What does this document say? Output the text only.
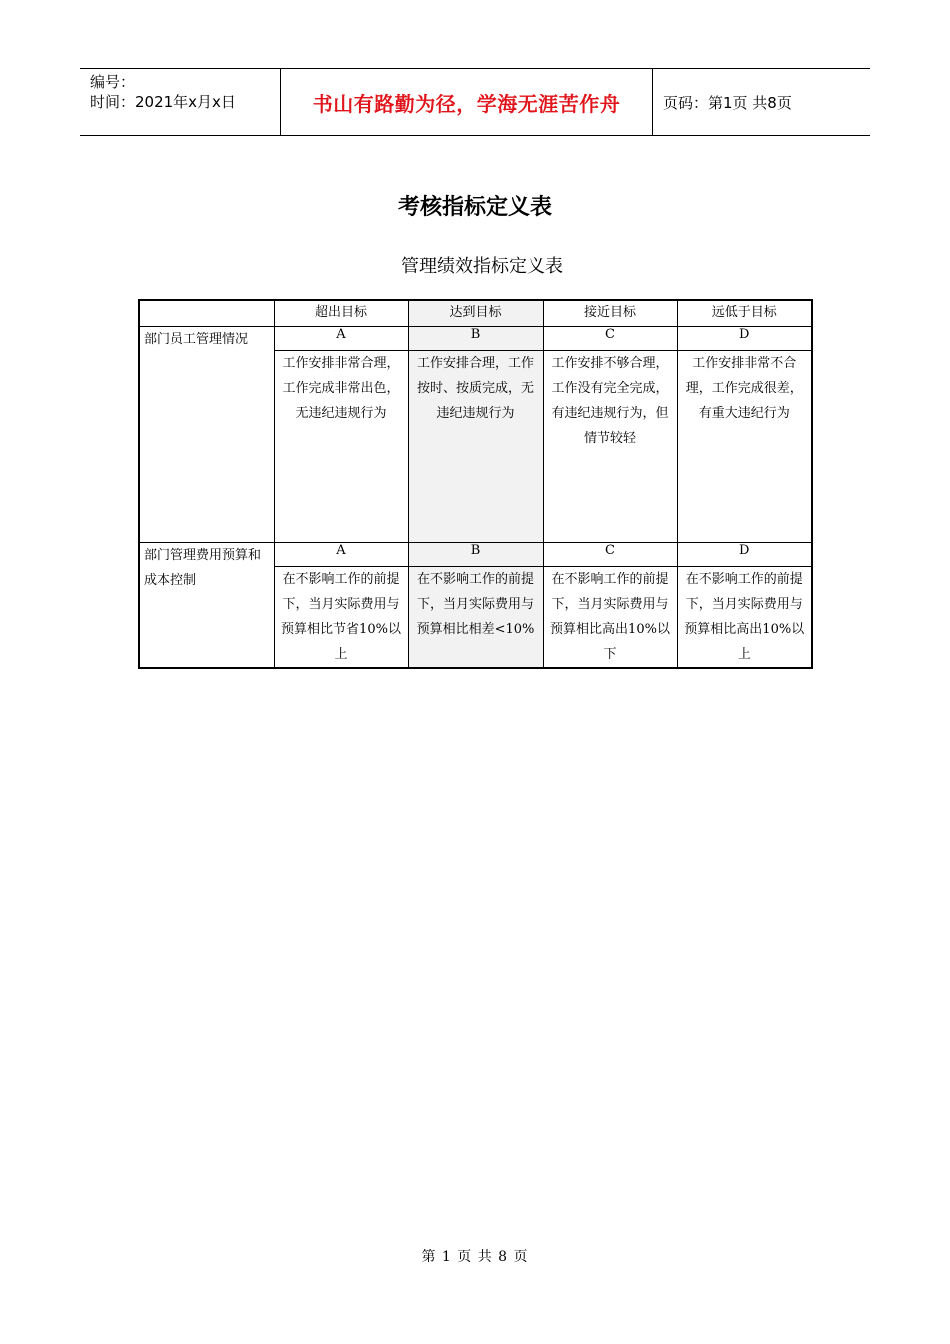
编号：
时间：2021年x月x日	书山有路勤为径，学海无涯苦作舟	页码：第1页 共8页
考核指标定义表
管理绩效指标定义表
	超出目标	达到目标	接近目标	远低于目标
部门员工管理情况	A	B	C	D
	工作安排非常合理，工作完成非常出色，无违纪违规行为	工作安排合理，工作按时、按质完成，无违纪违规行为	工作安排不够合理，工作没有完全完成，有违纪违规行为，但情节较轻	工作安排非常不合理，工作完成很差，有重大违纪行为
部门管理费用预算和成本控制	A	B	C	D
	在不影响工作的前提下，当月实际费用与预算相比节省10%以上	在不影响工作的前提下，当月实际费用与预算相比相差<10%	在不影响工作的前提下，当月实际费用与预算相比高出10%以下	在不影响工作的前提下，当月实际费用与预算相比高出10%以上
第 1 页 共 8 页
